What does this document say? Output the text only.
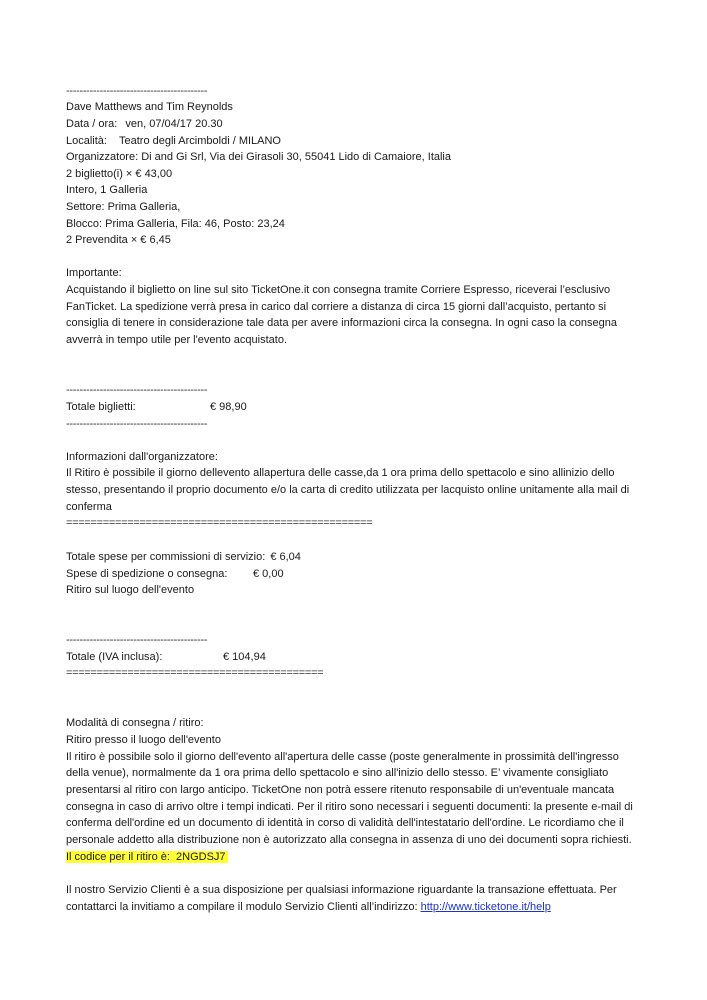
------------------------------------------
Dave Matthews and Tim Reynolds
Data / ora: ven, 07/04/17 20.30
Località: Teatro degli Arcimboldi / MILANO
Organizzatore: Di and Gi Srl, Via dei Girasoli 30, 55041 Lido di Camaiore, Italia
2 biglietto(i) × € 43,00
Intero, 1 Galleria
Settore: Prima Galleria,
Blocco: Prima Galleria, Fila: 46, Posto: 23,24
2 Prevendita × € 6,45
Importante:
Acquistando il biglietto on line sul sito TicketOne.it con consegna tramite Corriere Espresso, riceverai l’esclusivo
FanTicket. La spedizione verrà presa in carico dal corriere a distanza di circa 15 giorni dall’acquisto, pertanto si
consiglia di tenere in considerazione tale data per avere informazioni circa la consegna. In ogni caso la consegna
avverrà in tempo utile per l'evento acquistato.
------------------------------------------
Totale biglietti:	€ 98,90
------------------------------------------
Informazioni dall'organizzatore:
Il Ritiro è possibile il giorno dellevento allapertura delle casse,da 1 ora prima dello spettacolo e sino allinizio dello
stesso, presentando il proprio documento e/o la carta di credito utilizzata per lacquisto online unitamente alla mail di
conferma
==================================================
Totale spese per commissioni di servizio: € 6,04
Spese di spedizione o consegna: € 0,00
Ritiro sul luogo dell'evento
------------------------------------------
Totale (IVA inclusa):	€ 104,94
==========================================
Modalità di consegna / ritiro:
Ritiro presso il luogo dell'evento
Il ritiro è possibile solo il giorno dell'evento all'apertura delle casse (poste generalmente in prossimità dell'ingresso
della venue), normalmente da 1 ora prima dello spettacolo e sino all'inizio dello stesso. E’ vivamente consigliato
presentarsi al ritiro con largo anticipo. TicketOne non potrà essere ritenuto responsabile di un'eventuale mancata
consegna in caso di arrivo oltre i tempi indicati. Per il ritiro sono necessari i seguenti documenti: la presente e-mail di
conferma dell'ordine ed un documento di identità in corso di validità dell'intestatario dell'ordine. Le ricordiamo che il
personale addetto alla distribuzione non è autorizzato alla consegna in assenza di uno dei documenti sopra richiesti.
Il codice per il ritiro è:  2NGDSJ7
Il nostro Servizio Clienti è a sua disposizione per qualsiasi informazione riguardante la transazione effettuata. Per
contattarci la invitiamo a compilare il modulo Servizio Clienti all’indirizzo: http://www.ticketone.it/help
